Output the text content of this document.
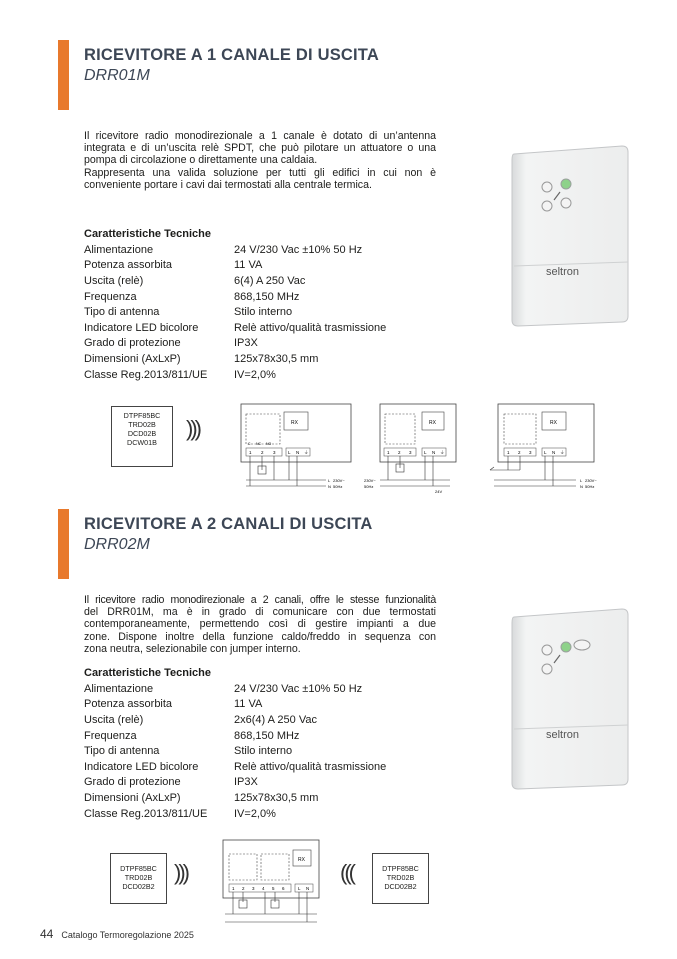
RICEVITORE A 1 CANALE DI USCITA
DRR01M
Il ricevitore radio monodirezionale a 1 canale è dotato di un’antenna
integrata e di un’uscita relè SPDT, che può pilotare un attuatore o una
pompa di circolazione o direttamente una caldaia.
Rappresenta una valida soluzione per tutti gli edifici in cui non è
conveniente portare i cavi dai termostati alla centrale termica.
Caratteristiche Tecniche
Alimentazione	24 V/230 Vac ±10% 50 Hz
Potenza assorbita	11 VA
Uscita (relè)	6(4) A 250 Vac
Frequenza	868,150 MHz
Tipo di antenna	Stilo interno
Indicatore LED bicolore	Relè attivo/qualità trasmissione
Grado di protezione	IP3X
Dimensioni (AxLxP)	125x78x30,5 mm
Classe Reg.2013/811/UE	IV=2,0%
seltron
DTPF85BC
TRD02B
DCD02B
DCW01B
)))	RX
1 2 3	L N ⏚
C NC NO
L
N
230V~
50Hz
RX
1 2 3	L N ⏚
230V~
50Hz
24V
RX
1 2 3	L N ⏚
L
N
230V~
50Hz
RICEVITORE A 2 CANALI DI USCITA
DRR02M
Il ricevitore radio monodirezionale a 2 canali, offre le stesse funzionalità
del DRR01M, ma è in grado di comunicare con due termostati
contemporaneamente, permettendo così di gestire impianti a due
zone. Dispone inoltre della funzione caldo/freddo in sequenza con
zona neutra, selezionabile con jumper interno.
Caratteristiche Tecniche
Alimentazione	24 V/230 Vac ±10% 50 Hz
Potenza assorbita	11 VA
Uscita (relè)	2x6(4) A 250 Vac
Frequenza	868,150 MHz
Tipo di antenna	Stilo interno
Indicatore LED bicolore	Relè attivo/qualità trasmissione
Grado di protezione	IP3X
Dimensioni (AxLxP)	125x78x30,5 mm
Classe Reg.2013/811/UE	IV=2,0%
seltron
DTPF85BC
TRD02B
DCD02B2
)))	RX
1 2 3 4 5 6	L N
(((	DTPF85BC
TRD02B
DCD02B2
44 Catalogo Termoregolazione 2025
